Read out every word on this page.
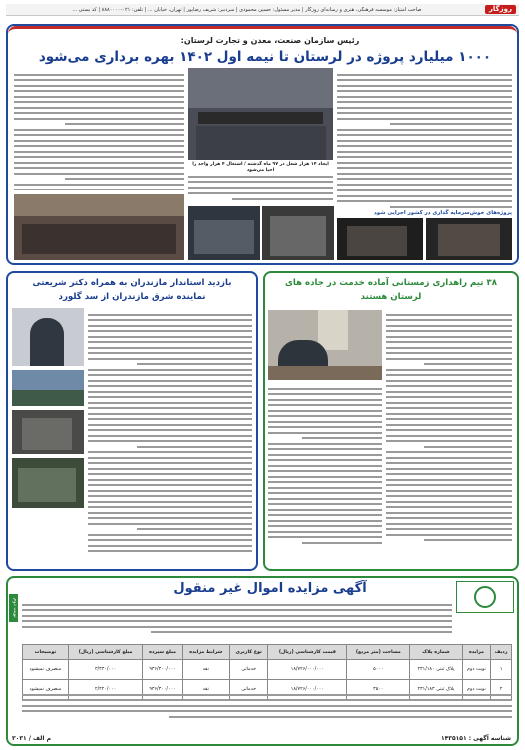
روزگار
صاحب امتیاز: موسسه فرهنگی، هنری و رسانه‌ای روزگار | مدیر مسئول: حسین محمودی | سردبیر: شریف رضاپور | تهران، خیابان ... | تلفن: ۰۲۱-۸۸۸۰۰۰۰ | کد پستی ...
رئیس سازمان صنعت، معدن و تجارت لرستان:
۱۰۰۰ میلیارد پروژه در لرستان تا نیمه اول ۱۴۰۲ بهره برداری می‌شود
ایجاد ۱۴ هزار شغل در ۹۷ ماه گذشته / اشتغال ۴ هزار واحد را احیا می‌شود
پروژه‌های خوش‌سرمایه گذاری در کشور اجرایی شود
بازدید استاندار مازندران به همراه دکتر شریعتی
نماینده شرق مازندران از سد گلورد
۳۸ تیم راهداری زمستانی آماده خدمت در جاده های
لرستان هستند
نوبت دوم
آگهی مزایده اموال غیر منقول
ردیف	مزایده	شماره پلاک	مساحت (متر مربع)	قیمت کارشناسی (ریال)	نوع کاربری	شرایط مزایده	مبلغ سپرده	مبلغ کارشناسی (ریال)	توضیحات
۱	نوبت دوم	پلاک ثبتی ۲۳۱/۱۸۰	۵۰۰۰	۱۸/۷۲۶/۰۰۰/۰۰۰	خدماتی	نقد	۹۳۶/۳۰۰/۰۰۰	۳/۳۳۰/۰۰۰	منصرف نمیشود
۲	نوبت دوم	پلاک ثبتی ۲۳۱/۱۸۳	۳۵۰۰	۱۸/۷۲۶/۰۰۰/۰۰۰	خدماتی	نقد	۹۳۶/۳۰۰/۰۰۰	۲/۴۲۰/۰۰۰	منصرف نمیشود
شناسه آگهی : ۱۴۳۵۱۵۱
م الف / ۳۰۳۱
